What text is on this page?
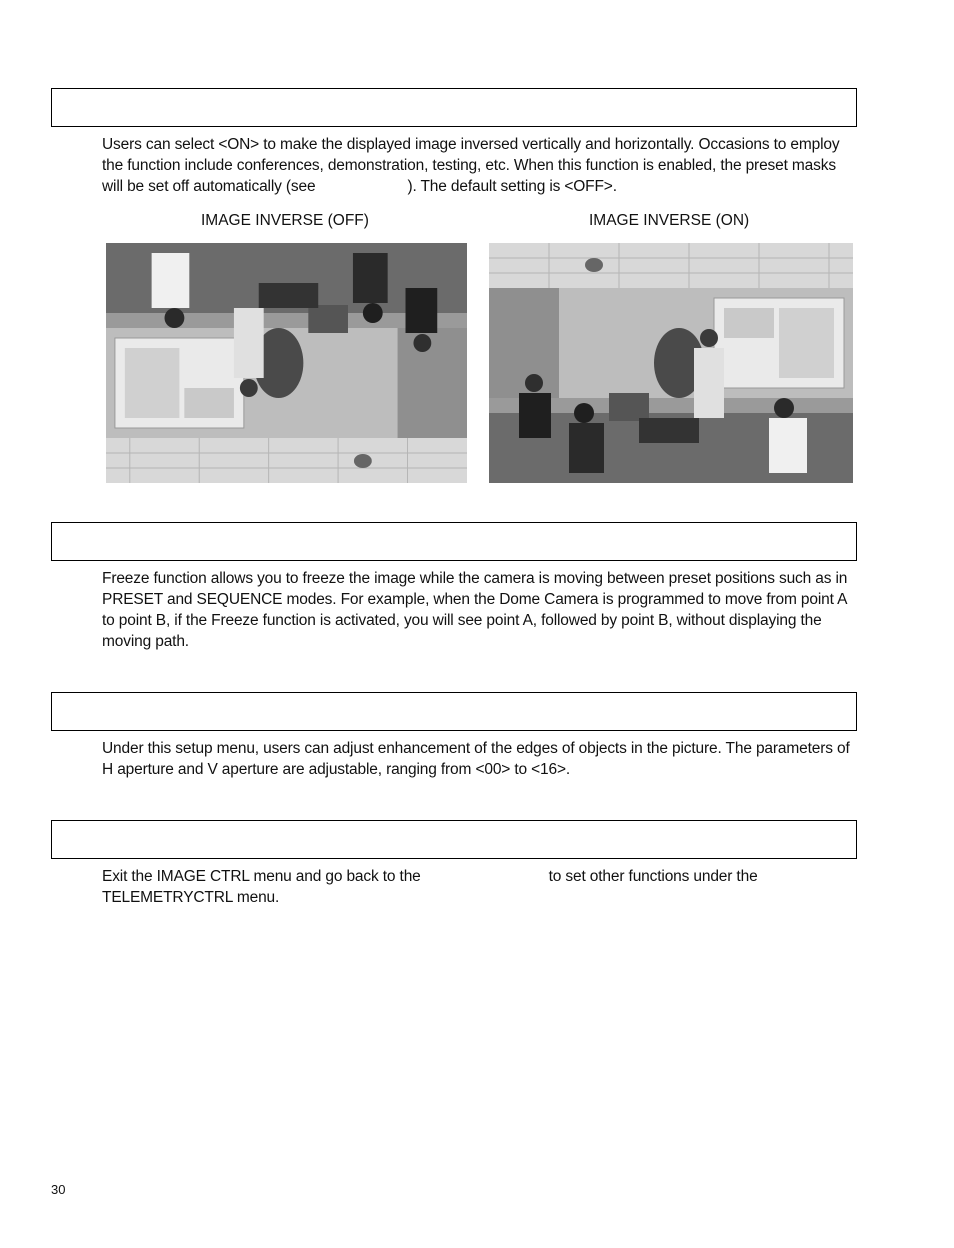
Users can select <ON> to make the displayed image inversed vertically and horizontally. Occasions to employ
the function include conferences, demonstration, testing, etc. When this function is enabled, the preset masks
will be set off automatically (see	). The default setting is <OFF>.

IMAGE INVERSE (OFF)	IMAGE INVERSE (ON)

Freeze function allows you to freeze the image while the camera is moving between preset positions such as in
PRESET and SEQUENCE modes. For example, when the Dome Camera is programmed to move from point A
to point B, if the Freeze function is activated, you will see point A, followed by point B, without displaying the
moving path.

Under this setup menu, users can adjust enhancement of the edges of objects in the picture. The parameters of
H aperture and V aperture are adjustable, ranging from <00> to <16>.

Exit the IMAGE CTRL menu and go back to the	to set other functions under the
TELEMETRYCTRL menu.

30
